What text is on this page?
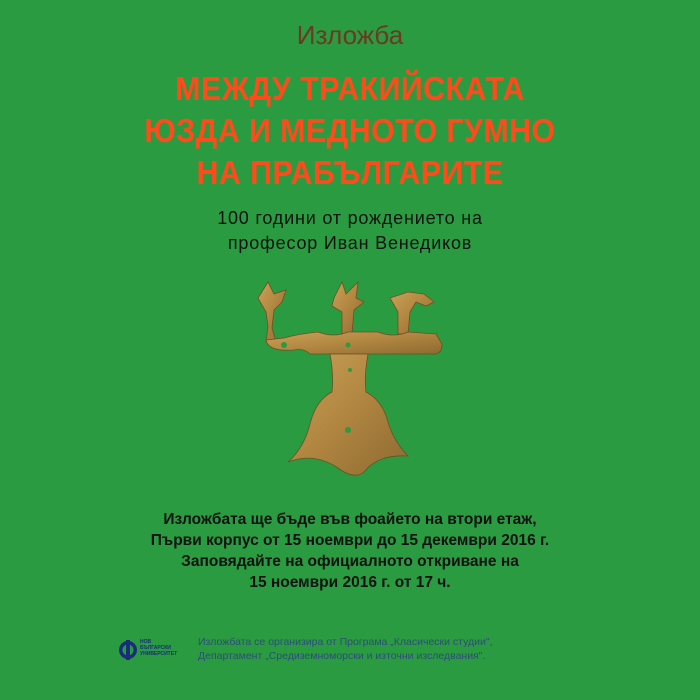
Изложба
МЕЖДУ ТРАКИЙСКАТА
ЮЗДА И МЕДНОТО ГУМНО
НА ПРАБЪЛГАРИТЕ
100 години от рождението на
професор Иван Венедиков
Изложбата ще бъде във фоайето на втори етаж,
Първи корпус от 15 ноември до 15 декември 2016 г.
Заповядайте на официалното откриване на
15 ноември 2016 г. от 17 ч.
НОВ
БЪЛГАРСКИ
УНИВЕРСИТЕТ
Изложбата се организира от Програма „Класически студии",
Департамент „Средиземноморски и източни изследвания".
